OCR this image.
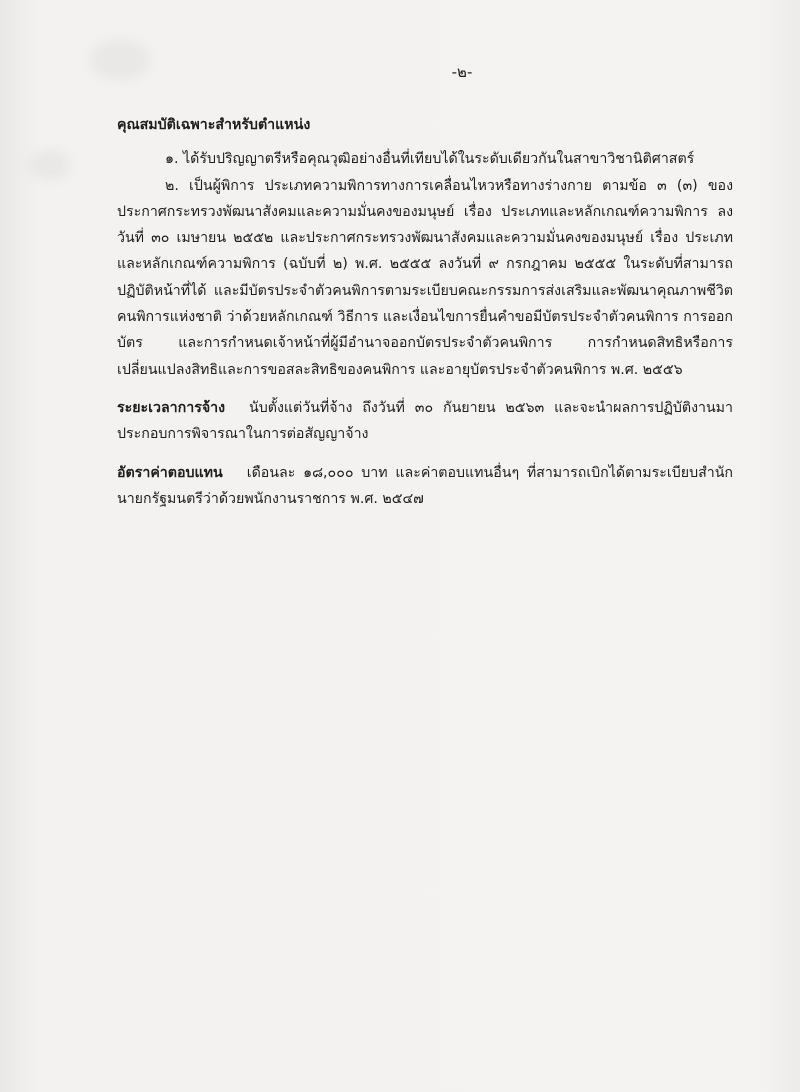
-๒-
คุณสมบัติเฉพาะสำหรับตำแหน่ง

๑. ได้รับปริญญาตรีหรือคุณวุฒิอย่างอื่นที่เทียบได้ในระดับเดียวกันในสาขาวิชานิติศาสตร์

๒. เป็นผู้พิการ ประเภทความพิการทางการเคลื่อนไหวหรือทางร่างกาย ตามข้อ ๓ (๓) ของประกาศกระทรวงพัฒนาสังคมและความมั่นคงของมนุษย์ เรื่อง ประเภทและหลักเกณฑ์ความพิการ ลงวันที่ ๓๐ เมษายน ๒๕๕๒ และประกาศกระทรวงพัฒนาสังคมและความมั่นคงของมนุษย์ เรื่อง ประเภทและหลักเกณฑ์ความพิการ (ฉบับที่ ๒) พ.ศ. ๒๕๕๕ ลงวันที่ ๙ กรกฎาคม ๒๕๕๕ ในระดับที่สามารถปฏิบัติหน้าที่ได้ และมีบัตรประจำตัวคนพิการตามระเบียบคณะกรรมการส่งเสริมและพัฒนาคุณภาพชีวิตคนพิการแห่งชาติ ว่าด้วยหลักเกณฑ์ วิธีการ และเงื่อนไขการยื่นคำขอมีบัตรประจำตัวคนพิการ การออกบัตร และการกำหนดเจ้าหน้าที่ผู้มีอำนาจออกบัตรประจำตัวคนพิการ การกำหนดสิทธิหรือการเปลี่ยนแปลงสิทธิและการขอสละสิทธิของคนพิการ และอายุบัตรประจำตัวคนพิการ พ.ศ. ๒๕๕๖

ระยะเวลาการจ้าง นับตั้งแต่วันที่จ้าง ถึงวันที่ ๓๐ กันยายน ๒๕๖๓ และจะนำผลการปฏิบัติงานมาประกอบการพิจารณาในการต่อสัญญาจ้าง

อัตราค่าตอบแทน เดือนละ ๑๘,๐๐๐ บาท และค่าตอบแทนอื่นๆ ที่สามารถเบิกได้ตามระเบียบสำนักนายกรัฐมนตรีว่าด้วยพนักงานราชการ พ.ศ. ๒๕๔๗
